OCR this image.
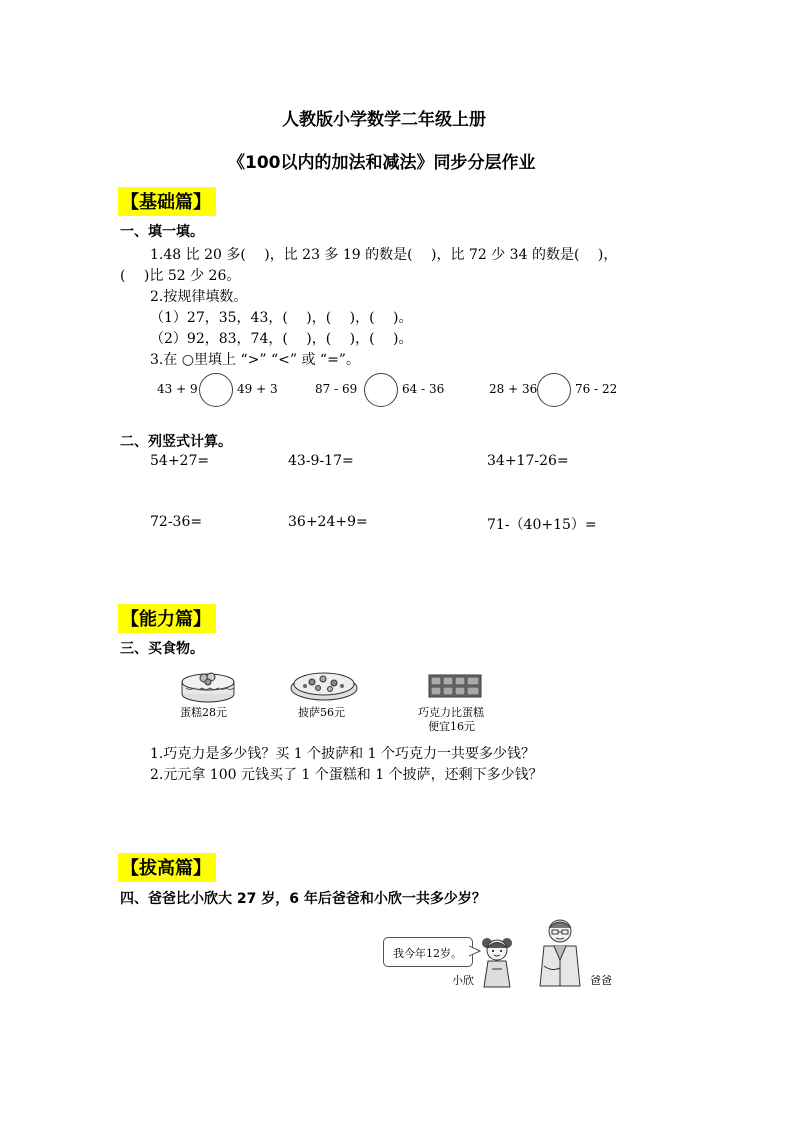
人教版小学数学二年级上册
《100以内的加法和减法》同步分层作业
【基础篇】
一、填一填。
1.48 比 20 多(　 )，比 23 多 19 的数是(　 )，比 72 少 34 的数是(　 )，
(　 )比 52 少 26。
2.按规律填数。
（1）27，35，43，(　 )，(　 )，(　 )。
（2）92，83，74，(　 )，(　 )，(　 )。
3.在 ○里填上 “>” “<” 或 “=”。
43 + 9	49 + 3	87 - 69	64 - 36	28 + 36	76 - 22
二、列竖式计算。
54+27=	43-9-17=	34+17-26=
72-36=	36+24+9=	71-（40+15）=
【能力篇】
三、买食物。
蛋糕28元	披萨56元	巧克力比蛋糕
便宜16元
1.巧克力是多少钱？买 1 个披萨和 1 个巧克力一共要多少钱？
2.元元拿 100 元钱买了 1 个蛋糕和 1 个披萨，还剩下多少钱？
【拔高篇】
四、爸爸比小欣大 27 岁，6 年后爸爸和小欣一共多少岁？
我今年12岁。
小欣	爸爸
